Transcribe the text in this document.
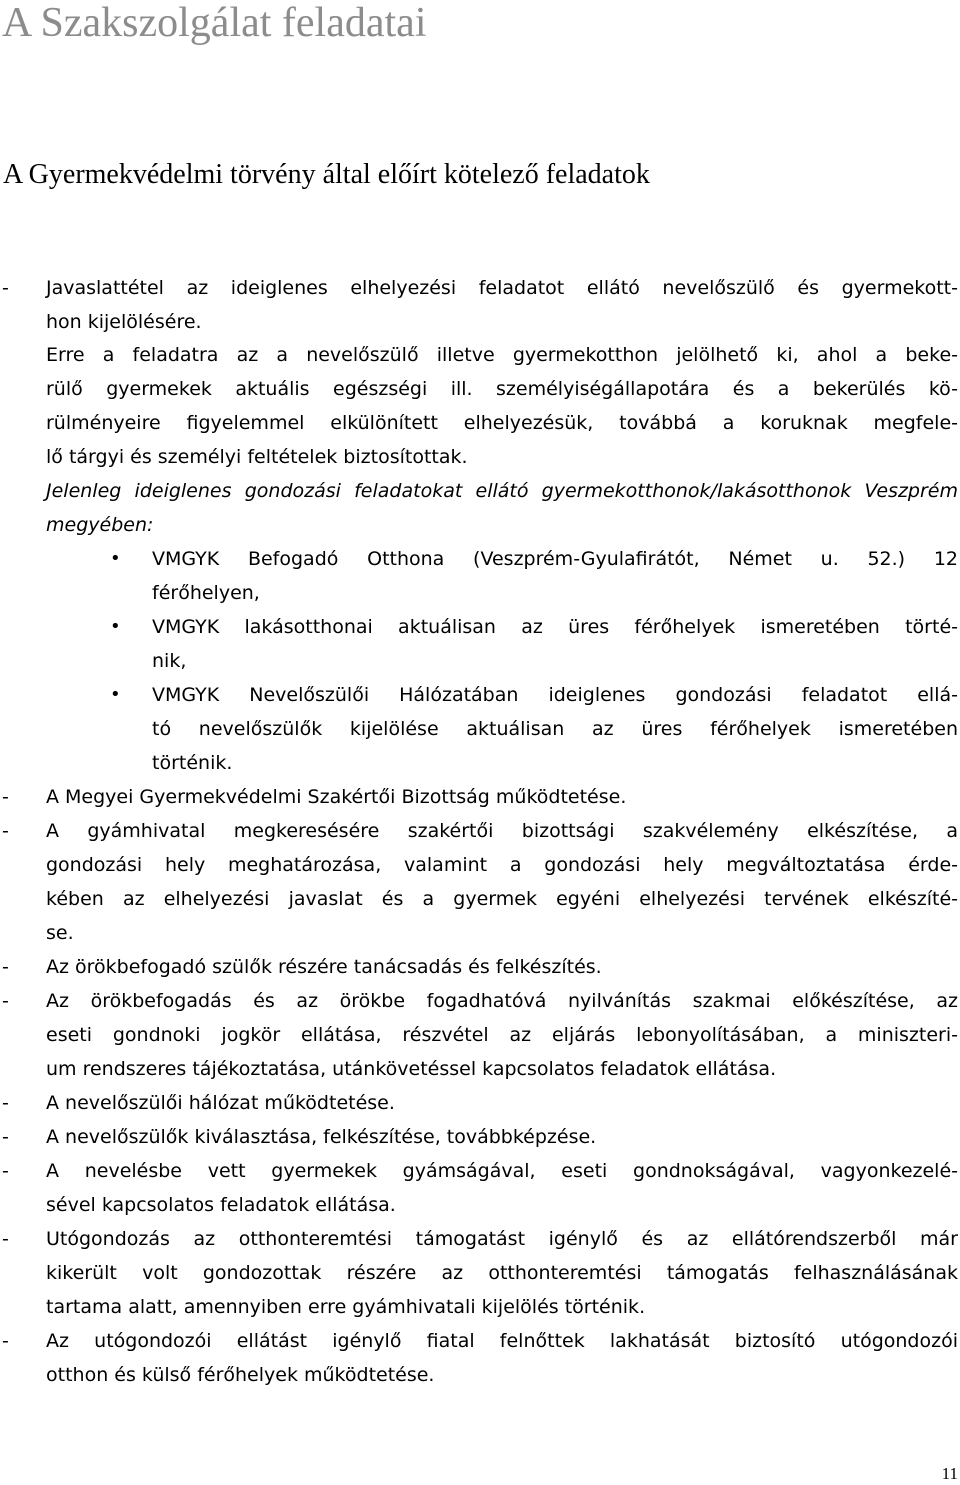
A Szakszolgálat feladatai
A Gyermekvédelmi törvény által előírt kötelező feladatok
- Javaslattétel az ideiglenes elhelyezési feladatot ellátó nevelőszülő és gyermekott-
hon kijelölésére.
Erre a feladatra az a nevelőszülő illetve gyermekotthon jelölhető ki, ahol a beke-
rülő gyermekek aktuális egészségi ill. személyiségállapotára és a bekerülés kö-
rülményeire figyelemmel elkülönített elhelyezésük, továbbá a koruknak megfele-
lő tárgyi és személyi feltételek biztosítottak.
Jelenleg ideiglenes gondozási feladatokat ellátó gyermekotthonok/lakásotthonok Veszprém
megyében:
• VMGYK Befogadó Otthona (Veszprém-Gyulafirátót, Német u. 52.) 12
férőhelyen,
• VMGYK lakásotthonai aktuálisan az üres férőhelyek ismeretében törté-
nik,
• VMGYK Nevelőszülői Hálózatában ideiglenes gondozási feladatot ellá-
tó nevelőszülők kijelölése aktuálisan az üres férőhelyek ismeretében
történik.
- A Megyei Gyermekvédelmi Szakértői Bizottság működtetése.
- A gyámhivatal megkeresésére szakértői bizottsági szakvélemény elkészítése, a
gondozási hely meghatározása, valamint a gondozási hely megváltoztatása érde-
kében az elhelyezési javaslat és a gyermek egyéni elhelyezési tervének elkészíté-
se.
- Az örökbefogadó szülők részére tanácsadás és felkészítés.
- Az örökbefogadás és az örökbe fogadhatóvá nyilvánítás szakmai előkészítése, az
eseti gondnoki jogkör ellátása, részvétel az eljárás lebonyolításában, a miniszteri-
um rendszeres tájékoztatása, utánkövetéssel kapcsolatos feladatok ellátása.
- A nevelőszülői hálózat működtetése.
- A nevelőszülők kiválasztása, felkészítése, továbbképzése.
- A nevelésbe vett gyermekek gyámságával, eseti gondnokságával, vagyonkezelé-
sével kapcsolatos feladatok ellátása.
- Utógondozás az otthonteremtési támogatást igénylő és az ellátórendszerből már
kikerült volt gondozottak részére az otthonteremtési támogatás felhasználásának
tartama alatt, amennyiben erre gyámhivatali kijelölés történik.
- Az utógondozói ellátást igénylő fiatal felnőttek lakhatását biztosító utógondozói
otthon és külső férőhelyek működtetése.
11
